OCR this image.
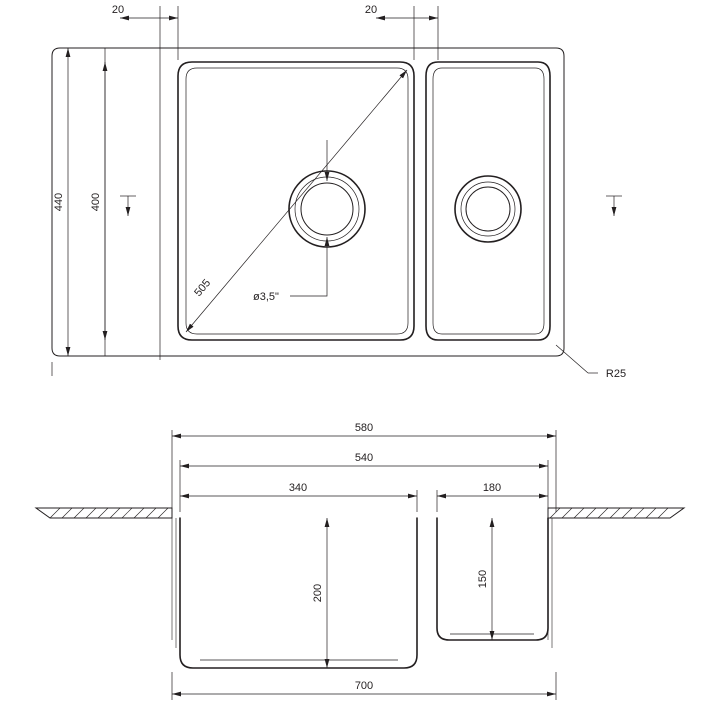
20	20
440 400
505	ø3,5"
R25
580
540
340	180
200
150
700
